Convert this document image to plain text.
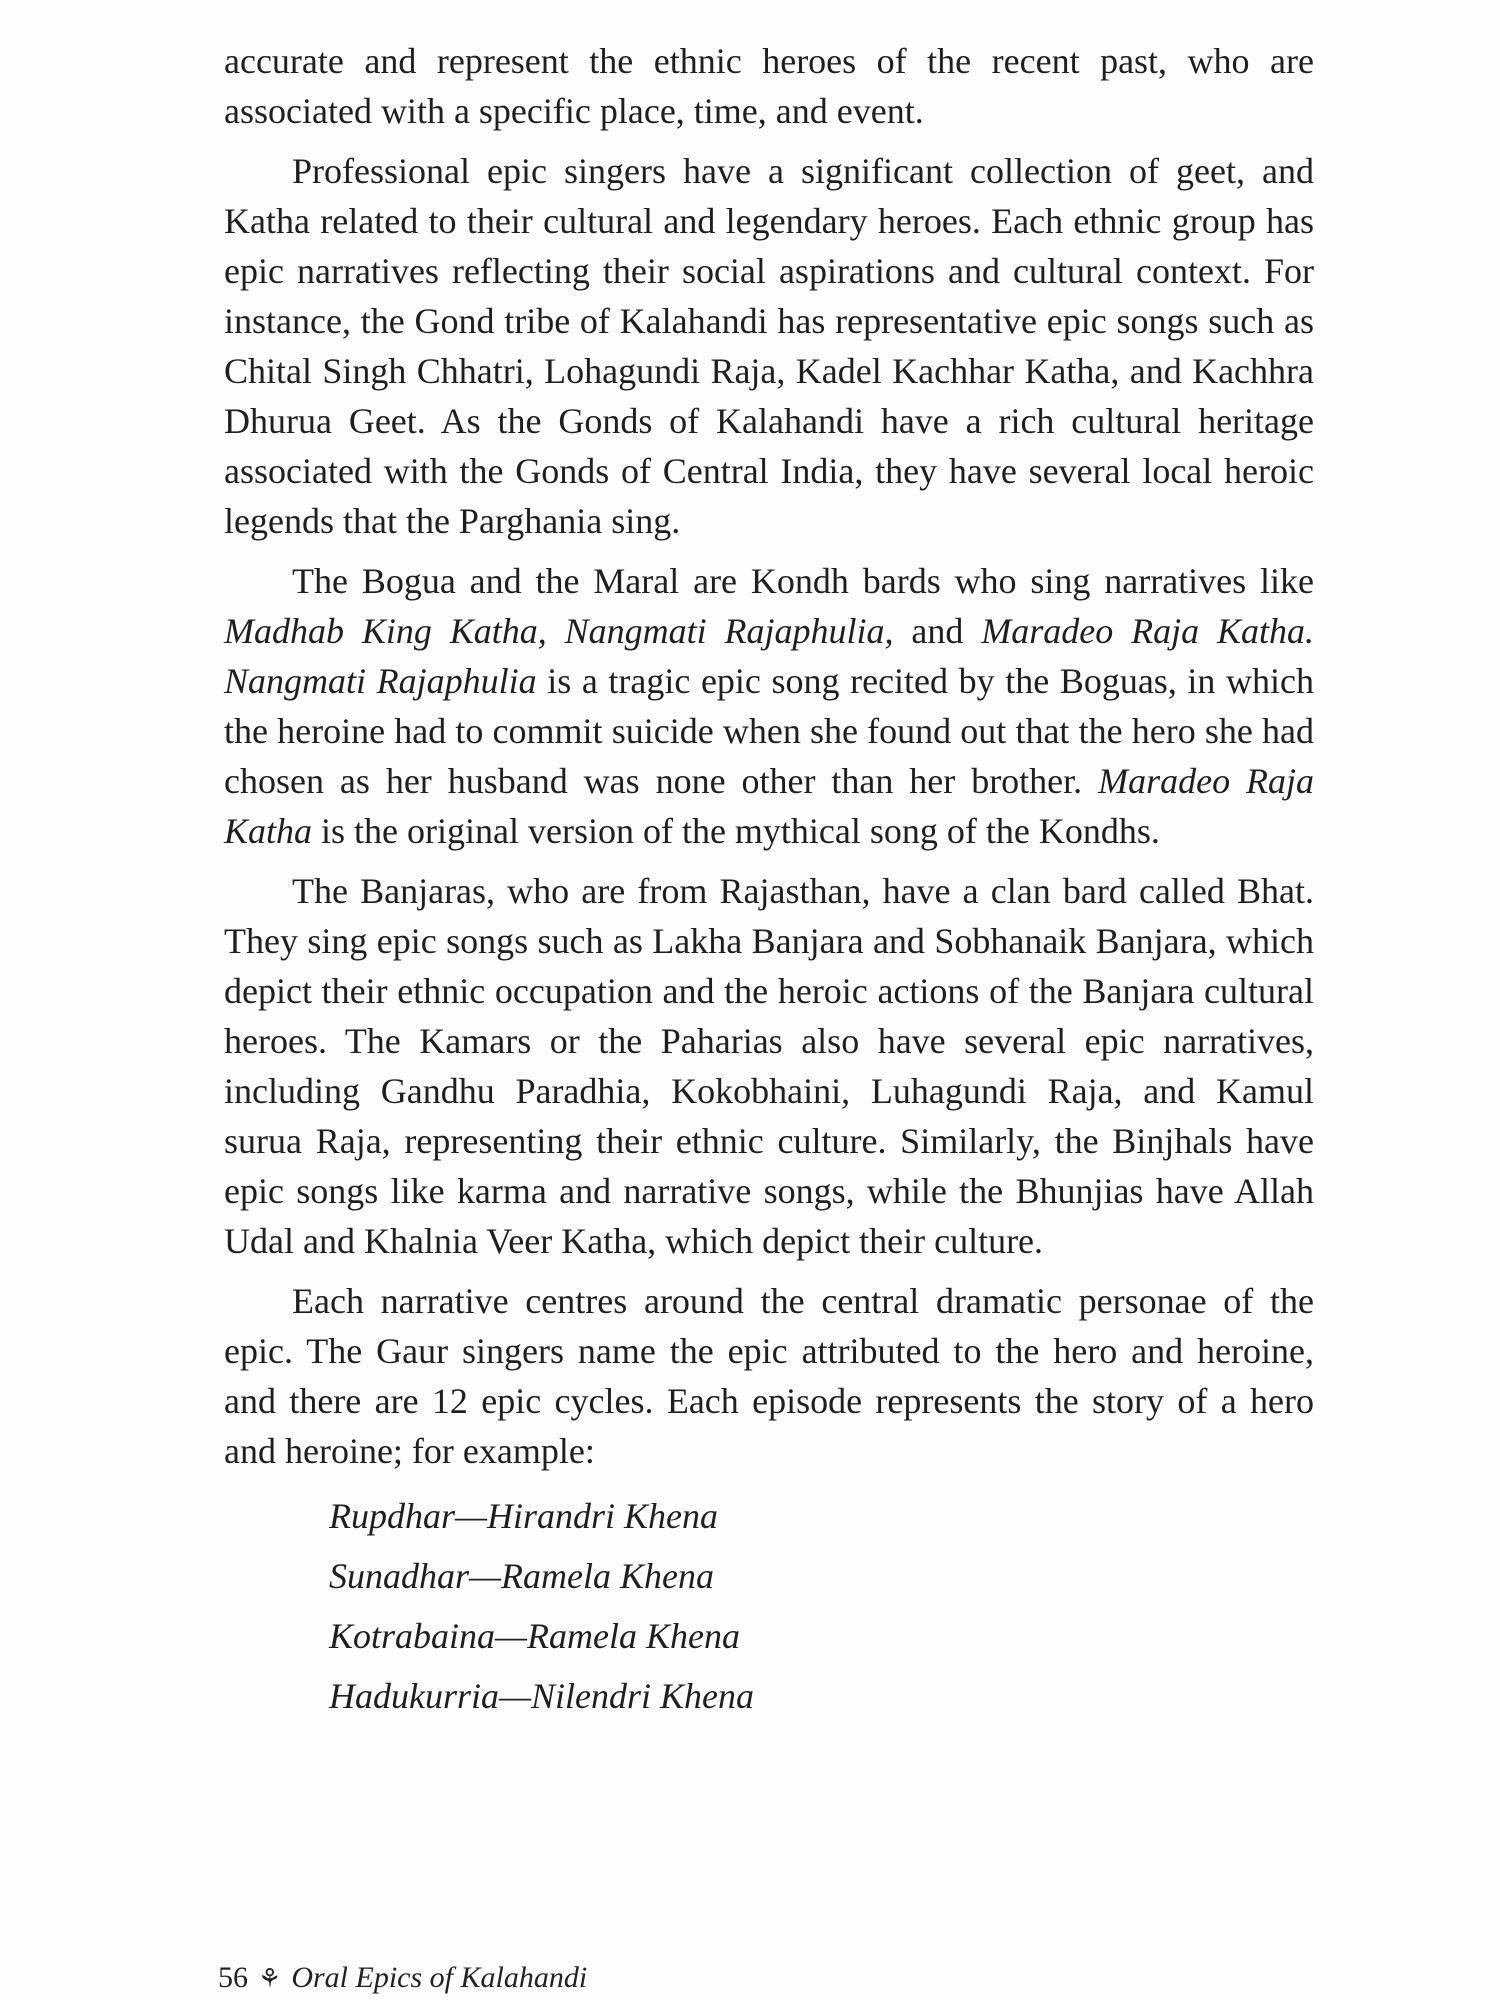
accurate and represent the ethnic heroes of the recent past, who are associated with a specific place, time, and event.

Professional epic singers have a significant collection of geet, and Katha related to their cultural and legendary heroes. Each ethnic group has epic narratives reflecting their social aspirations and cultural context. For instance, the Gond tribe of Kalahandi has representative epic songs such as Chital Singh Chhatri, Lohagundi Raja, Kadel Kachhar Katha, and Kachhra Dhurua Geet. As the Gonds of Kalahandi have a rich cultural heritage associated with the Gonds of Central India, they have several local heroic legends that the Parghania sing.

The Bogua and the Maral are Kondh bards who sing narratives like Madhab King Katha, Nangmati Rajaphulia, and Maradeo Raja Katha. Nangmati Rajaphulia is a tragic epic song recited by the Boguas, in which the heroine had to commit suicide when she found out that the hero she had chosen as her husband was none other than her brother. Maradeo Raja Katha is the original version of the mythical song of the Kondhs.

The Banjaras, who are from Rajasthan, have a clan bard called Bhat. They sing epic songs such as Lakha Banjara and Sobhanaik Banjara, which depict their ethnic occupation and the heroic actions of the Banjara cultural heroes. The Kamars or the Paharias also have several epic narratives, including Gandhu Paradhia, Kokobhaini, Luhagundi Raja, and Kamul surua Raja, representing their ethnic culture. Similarly, the Binjhals have epic songs like karma and narrative songs, while the Bhunjias have Allah Udal and Khalnia Veer Katha, which depict their culture.

Each narrative centres around the central dramatic personae of the epic. The Gaur singers name the epic attributed to the hero and heroine, and there are 12 epic cycles. Each episode represents the story of a hero and heroine; for example:

Rupdhar—Hirandri Khena
Sunadhar—Ramela Khena
Kotrabaina—Ramela Khena
Hadukurria—Nilendri Khena
56 ⚘ Oral Epics of Kalahandi
